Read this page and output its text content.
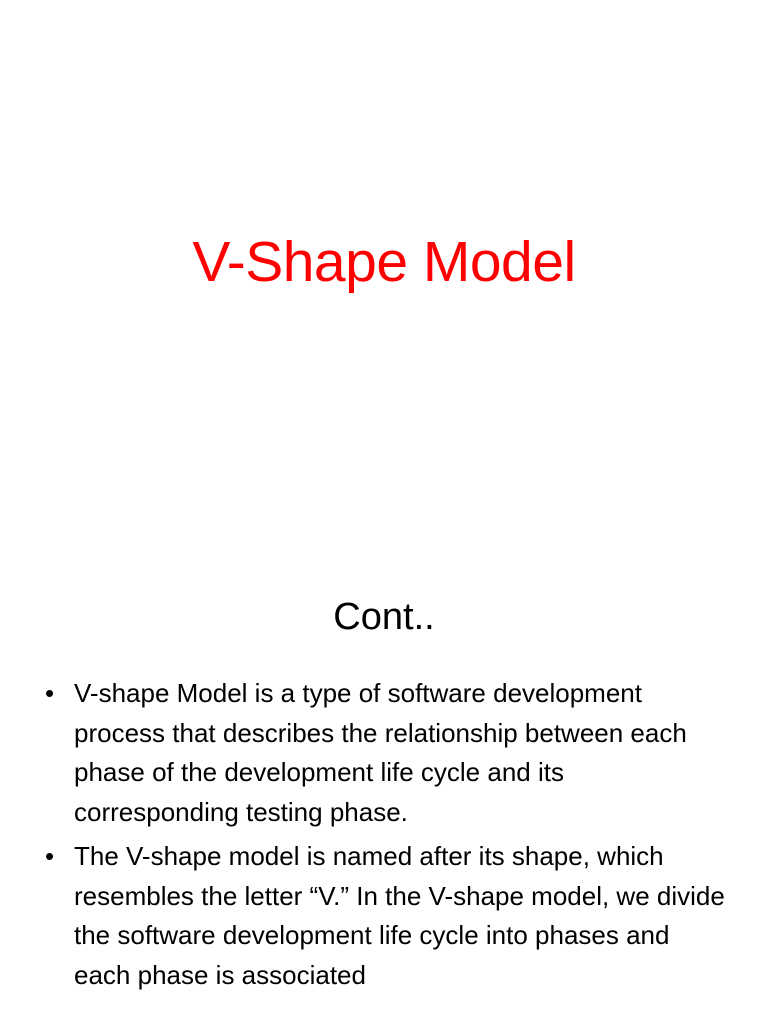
V-Shape Model
Cont..
• V-shape Model is a type of software development process that describes the relationship between each phase of the development life cycle and its corresponding testing phase.
• The V-shape model is named after its shape, which resembles the letter “V.” In the V-shape model, we divide the software development life cycle into phases and each phase is associated
